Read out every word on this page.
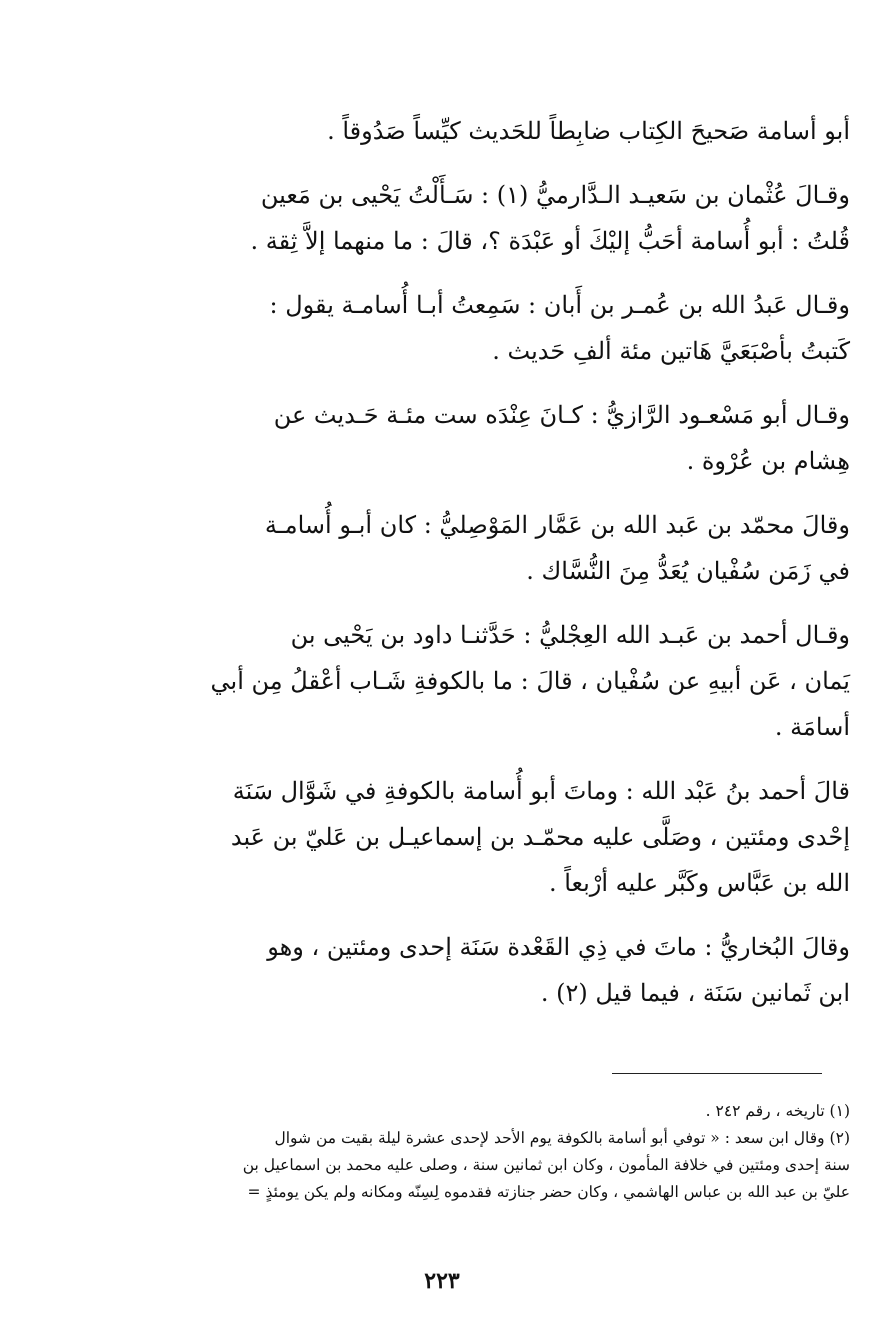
أبو أسامة صَحيحَ الكِتاب ضابِطاً للحَديث كيِّساً صَدُوقاً .

وقـالَ عُثْمان بن سَعيـد الـدَّارميُّ (١) : سَـأَلْتُ يَحْيى بن مَعين

قُلتُ : أبو أُسامة أحَبُّ إليْكَ أو عَبْدَة ؟، قالَ : ما منهما إلاَّ ثِقة .

وقـال عَبدُ الله بن عُمـر بن أَبان : سَمِعتُ أبـا أُسامـة يقول :

كَتبتُ بأصْبَعَيَّ هَاتين مئة ألفِ حَديث .

وقـال أبو مَسْعـود الرَّازيُّ : كـانَ عِنْدَه ست مئـة حَـديث عن

هِشام بن عُرْوة .

وقالَ محمّد بن عَبد الله بن عَمَّار المَوْصِليُّ : كان أبـو أُسامـة

في زَمَن سُفْيان يُعَدُّ مِنَ النُّسَّاك .

وقـال أحمد بن عَبـد الله العِجْليُّ : حَدَّثنـا داود بن يَحْيى بن

يَمان ، عَن أبيهِ عن سُفْيان ، قالَ : ما بالكوفةِ شَـاب أعْقلُ مِن أبي

أسامَة .

قالَ أحمد بنُ عَبْد الله : وماتَ أبو أُسامة بالكوفةِ في شَوَّال سَنَة

إحْدى ومئتين ، وصَلَّى عليه محمّـد بن إسماعيـل بن عَليّ بن عَبد

الله بن عَبَّاس وكَبَّر عليه أرْبعاً .

وقالَ البُخاريُّ : ماتَ في ذِي القَعْدة سَنَة إحدى ومئتين ، وهو

ابن ثَمانين سَنَة ، فيما قيل (٢) .

(١) تاريخه ، رقم ٢٤٢ .

(٢) وقال ابن سعد : « توفي أبو أسامة بالكوفة يوم الأحد لإحدى عشرة ليلة بقيت من شوال

سنة إحدى ومئتين في خلافة المأمون ، وكان ابن ثمانين سنة ، وصلى عليه محمد بن اسماعيل بن

عليّ بن عبد الله بن عباس الهاشمي ، وكان حضر جنازته فقدموه لِسِنّه ومكانه ولم يكن يومئذٍ =

٢٢٣
